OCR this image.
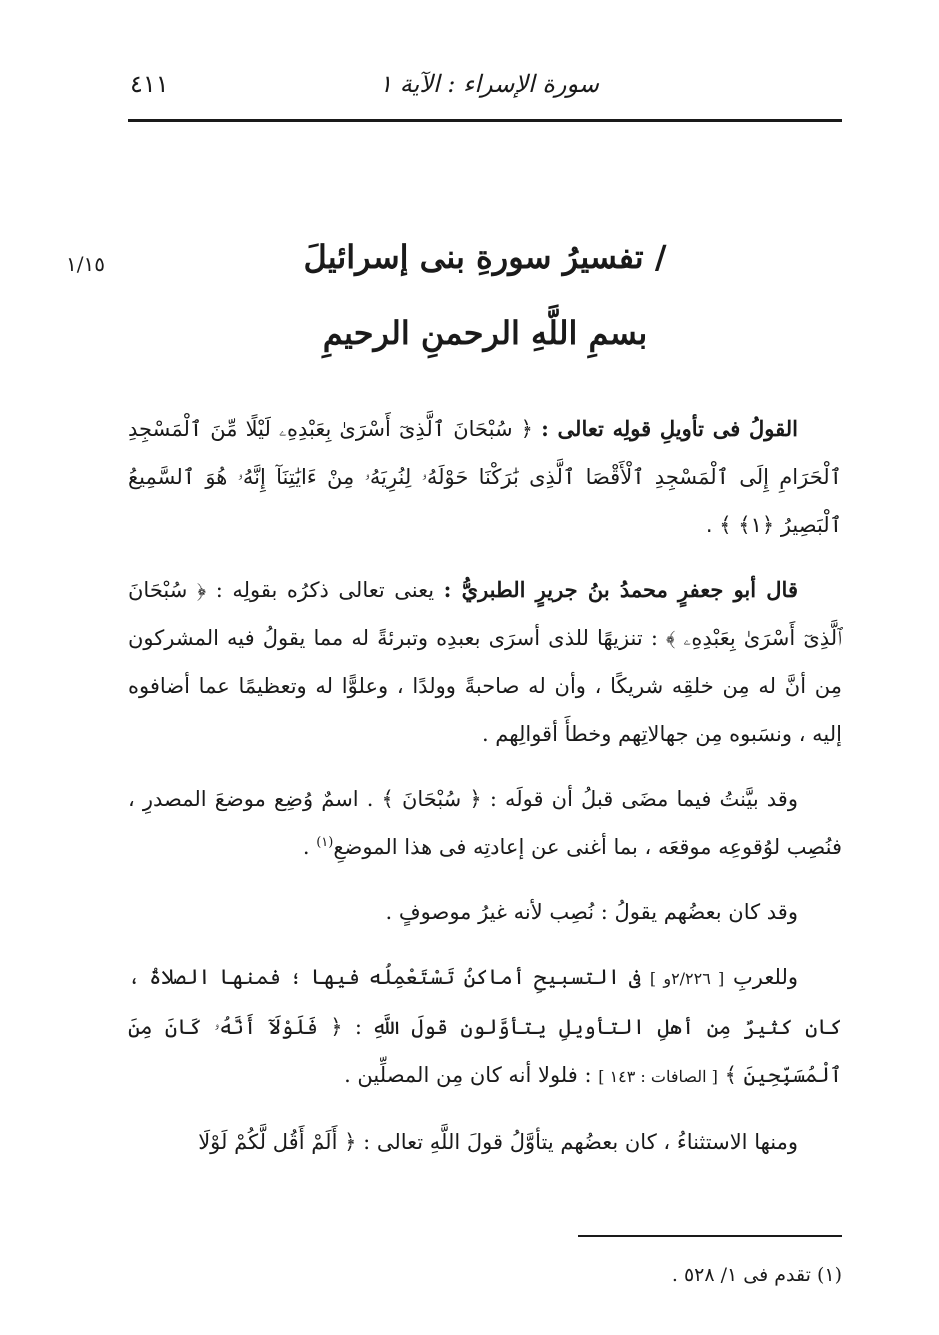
سورة الإسراء : الآية ١
٤١١
١/١٥	/ تفسيرُ سورةِ بنى إسرائيلَ
بسمِ اللَّهِ الرحمنِ الرحيمِ

القولُ فى تأويلِ قولِه تعالى : ﴿ سُبْحَانَ ٱلَّذِىٓ أَسْرَىٰ بِعَبْدِهِۦ لَيْلًا مِّنَ ٱلْمَسْجِدِ ٱلْحَرَامِ إِلَى ٱلْمَسْجِدِ ٱلْأَقْصَا ٱلَّذِى بَٰرَكْنَا حَوْلَهُۥ لِنُرِيَهُۥ مِنْ ءَايَٰتِنَآ إِنَّهُۥ هُوَ ٱلسَّمِيعُ ٱلْبَصِيرُ ﴿١﴾ ﴾ .

قال أبو جعفرٍ محمدُ بنُ جريرٍ الطبريُّ : يعنى تعالى ذكرُه بقولِه : ﴿ سُبْحَانَ ٱلَّذِىٓ أَسْرَىٰ بِعَبْدِهِۦ ﴾ : تنزيهًا للذى أسرَى بعبدِه وتبرئةً له مما يقولُ فيه المشركون مِن أنَّ له مِن خلقِه شريكًا ، وأن له صاحبةً وولدًا ، وعلوًّا له وتعظيمًا عما أضافوه إليه ، ونسَبوه مِن جهالاتِهم وخطأَ أقوالِهم .

وقد بيَّنتُ فيما مضَى قبلُ أن قولَه : ﴿ سُبْحَانَ ﴾ . اسمٌ وُضِع موضعَ المصدرِ ، فنُصِب لوُقوعِه موقعَه ، بما أغنى عن إعادتِه فى هذا الموضعِ$^{(١)}$ .

وقد كان بعضُهم يقولُ : نُصِب لأنه غيرُ موصوفٍ .

وللعربِ [ ٢/٢٢٦و ] فى التسبيحِ أماكنُ تَسْتَعْمِلُه فيها ؛ فمنها الصلاةُ ، كان كثيرٌ مِن أهلِ التأويلِ يتأوَّلون قولَ اللَّهِ : ﴿ فَلَوْلَآ أَنَّهُۥ كَانَ مِنَ ٱلْمُسَبِّحِينَ ﴾ [ الصافات : ١٤٣ ] : فلولا أنه كان مِن المصلِّين .

ومنها الاستثناءُ ، كان بعضُهم يتأوَّلُ قولَ اللَّهِ تعالى : ﴿ أَلَمْ أَقُل لَّكُمْ لَوْلَا

(١) تقدم فى ١/ ٥٢٨ .
